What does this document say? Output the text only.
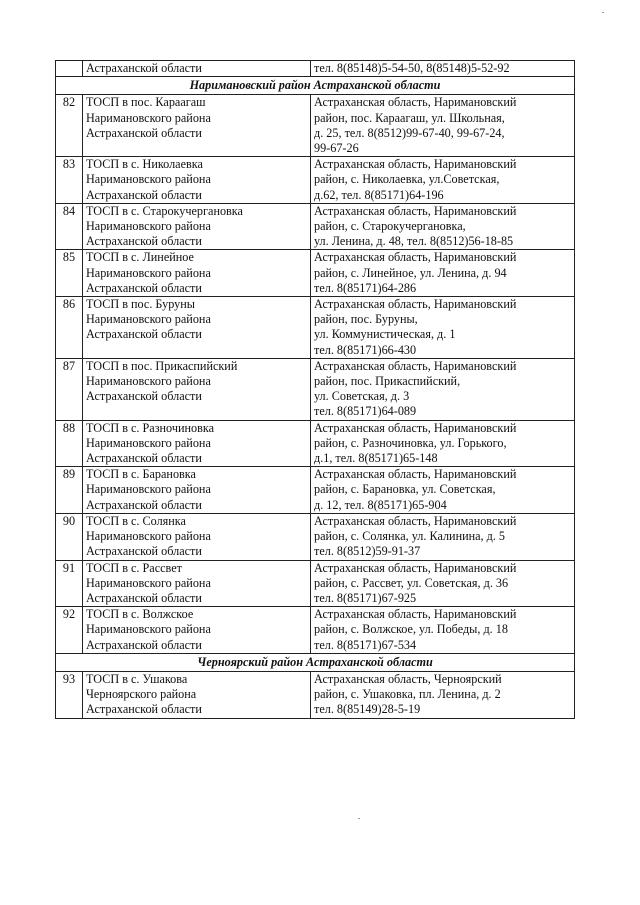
	Астраханской области	тел. 8(85148)5-54-50, 8(85148)5-52-92

Наримановский район Астраханской области		
82	ТОСП в пос. Караагаш
Наримановского района
Астраханской области	Астраханская область, Наримановский
район, пос. Караагаш, ул. Школьная,
д. 25, тел. 8(8512)99-67-40, 99-67-24,
99-67-26

83	ТОСП в с. Николаевка
Наримановского района
Астраханской области	Астраханская область, Наримановский
район, с. Николаевка, ул.Советская,
д.62, тел. 8(85171)64-196

84	ТОСП в с. Старокучергановка
Наримановского района
Астраханской области	Астраханская область, Наримановский
район, с. Старокучергановка,
ул. Ленина, д. 48, тел. 8(8512)56-18-85

85	ТОСП в с. Линейное
Наримановского района
Астраханской области	Астраханская область, Наримановский
район, с. Линейное, ул. Ленина, д. 94
тел. 8(85171)64-286

86	ТОСП в пос. Буруны
Наримановского района
Астраханской области	Астраханская область, Наримановский
район, пос. Буруны,
ул. Коммунистическая, д. 1
тел. 8(85171)66-430

87	ТОСП в пос. Прикаспийский
Наримановского района
Астраханской области	Астраханская область, Наримановский
район, пос. Прикаспийский,
ул. Советская, д. 3
тел. 8(85171)64-089

88	ТОСП в с. Разночиновка
Наримановского района
Астраханской области	Астраханская область, Наримановский
район, с. Разночиновка, ул. Горького,
д.1, тел. 8(85171)65-148

89	ТОСП в с. Барановка
Наримановского района
Астраханской области	Астраханская область, Наримановский
район, с. Барановка, ул. Советская,
д. 12, тел. 8(85171)65-904

90	ТОСП в с. Солянка
Наримановского района
Астраханской области	Астраханская область, Наримановский
район, с. Солянка, ул. Калинина, д. 5
тел. 8(8512)59-91-37

91	ТОСП в с. Рассвет
Наримановского района
Астраханской области	Астраханская область, Наримановский
район, с. Рассвет, ул. Советская, д. 36
тел. 8(85171)67-925

92	ТОСП в с. Волжское
Наримановского района
Астраханской области	Астраханская область, Наримановский
район, с. Волжское, ул. Победы, д. 18
тел. 8(85171)67-534

Черноярский район Астраханской области		
93	ТОСП в с. Ушакова
Черноярского района
Астраханской области	Астраханская область, Черноярский
район, с. Ушаковка, пл. Ленина, д. 2
тел. 8(85149)28-5-19
